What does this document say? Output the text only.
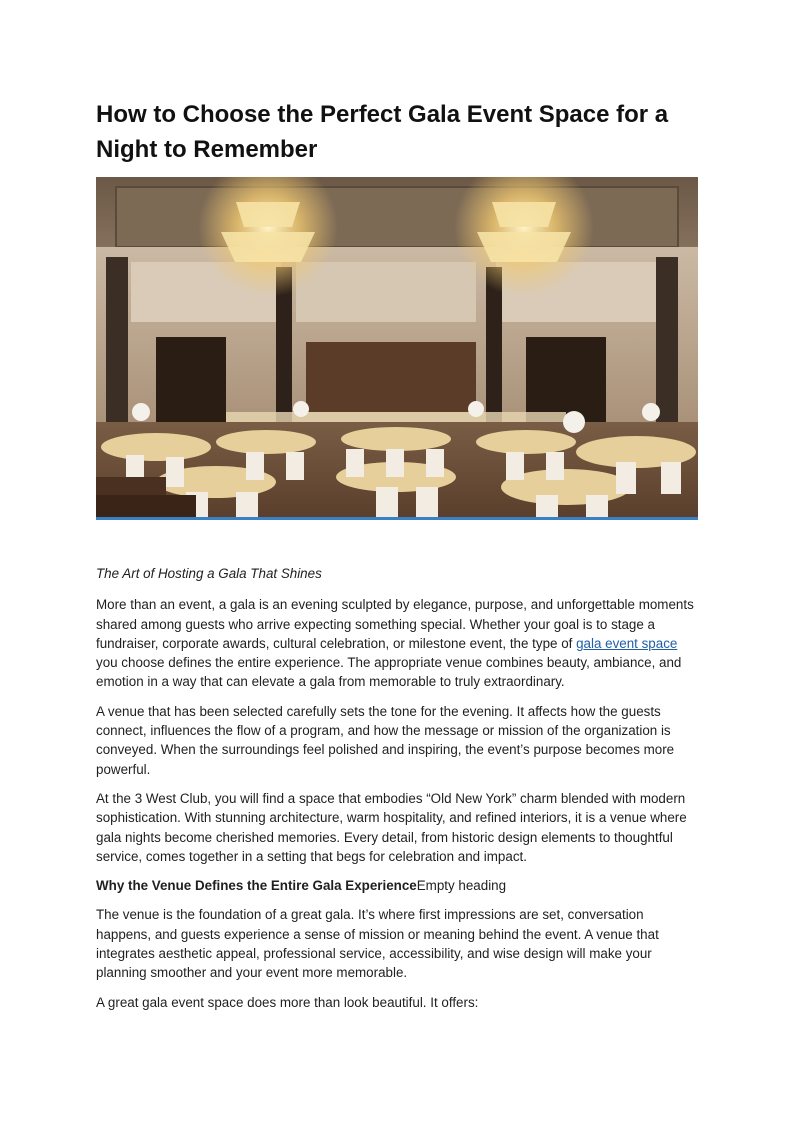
How to Choose the Perfect Gala Event Space for a Night to Remember

The Art of Hosting a Gala That Shines

More than an event, a gala is an evening sculpted by elegance, purpose, and unforgettable moments shared among guests who arrive expecting something special. Whether your goal is to stage a fundraiser, corporate awards, cultural celebration, or milestone event, the type of gala event space you choose defines the entire experience. The appropriate venue combines beauty, ambiance, and emotion in a way that can elevate a gala from memorable to truly extraordinary.

A venue that has been selected carefully sets the tone for the evening. It affects how the guests connect, influences the flow of a program, and how the message or mission of the organization is conveyed. When the surroundings feel polished and inspiring, the event’s purpose becomes more powerful.

At the 3 West Club, you will find a space that embodies “Old New York” charm blended with modern sophistication. With stunning architecture, warm hospitality, and refined interiors, it is a venue where gala nights become cherished memories. Every detail, from historic design elements to thoughtful service, comes together in a setting that begs for celebration and impact.

Why the Venue Defines the Entire Gala ExperienceEmpty heading

The venue is the foundation of a great gala. It’s where first impressions are set, conversation happens, and guests experience a sense of mission or meaning behind the event. A venue that integrates aesthetic appeal, professional service, accessibility, and wise design will make your planning smoother and your event more memorable.

A great gala event space does more than look beautiful. It offers:
